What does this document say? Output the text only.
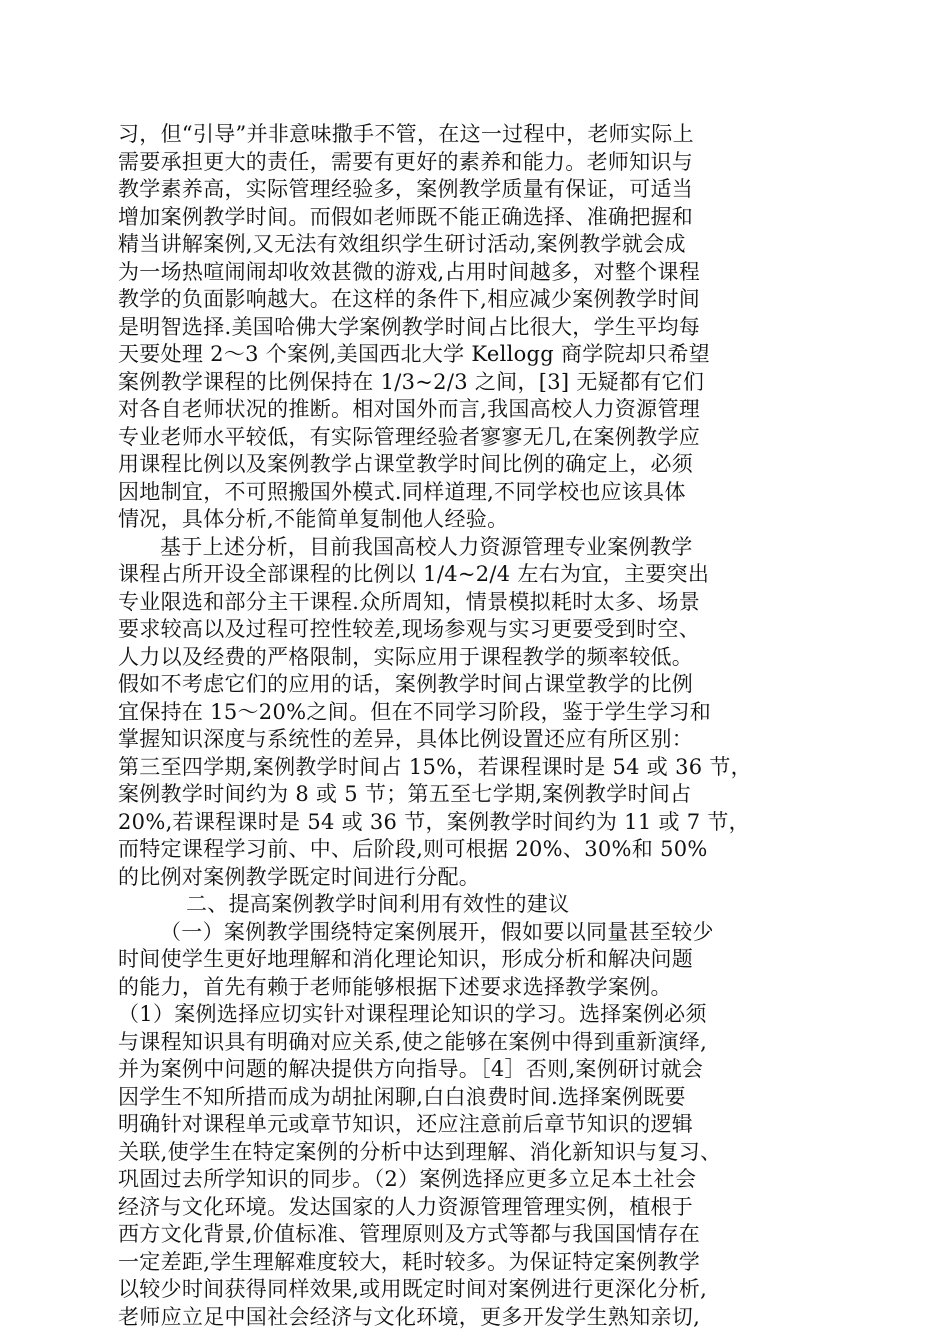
习，但“引导”并非意味撒手不管，在这一过程中，老师实际上
需要承担更大的责任，需要有更好的素养和能力。老师知识与
教学素养高，实际管理经验多，案例教学质量有保证，可适当
增加案例教学时间。而假如老师既不能正确选择、准确把握和
精当讲解案例,又无法有效组织学生研讨活动,案例教学就会成
为一场热喧闹闹却收效甚微的游戏,占用时间越多，对整个课程
教学的负面影响越大。在这样的条件下,相应减少案例教学时间
是明智选择.美国哈佛大学案例教学时间占比很大，学生平均每
天要处理 2～3 个案例,美国西北大学 Kellogg 商学院却只希望
案例教学课程的比例保持在 1/3~2/3 之间，[3] 无疑都有它们
对各自老师状况的推断。相对国外而言,我国高校人力资源管理
专业老师水平较低，有实际管理经验者寥寥无几,在案例教学应
用课程比例以及案例教学占课堂教学时间比例的确定上，必须
因地制宜，不可照搬国外模式.同样道理,不同学校也应该具体
情况，具体分析,不能简单复制他人经验。
基于上述分析，目前我国高校人力资源管理专业案例教学
课程占所开设全部课程的比例以 1/4~2/4 左右为宜，主要突出
专业限选和部分主干课程.众所周知，情景模拟耗时太多、场景
要求较高以及过程可控性较差,现场参观与实习更要受到时空、
人力以及经费的严格限制，实际应用于课程教学的频率较低。
假如不考虑它们的应用的话，案例教学时间占课堂教学的比例
宜保持在 15～20%之间。但在不同学习阶段，鉴于学生学习和
掌握知识深度与系统性的差异，具体比例设置还应有所区别：
第三至四学期,案例教学时间占 15%，若课程课时是 54 或 36 节，
案例教学时间约为 8 或 5 节；第五至七学期,案例教学时间占
20%,若课程课时是 54 或 36 节，案例教学时间约为 11 或 7 节，
而特定课程学习前、中、后阶段,则可根据 20%、30%和 50%
的比例对案例教学既定时间进行分配。
二、提高案例教学时间利用有效性的建议
（一）案例教学围绕特定案例展开，假如要以同量甚至较少
时间使学生更好地理解和消化理论知识，形成分析和解决问题
的能力，首先有赖于老师能够根据下述要求选择教学案例。
（1）案例选择应切实针对课程理论知识的学习。选择案例必须
与课程知识具有明确对应关系,使之能够在案例中得到重新演绎,
并为案例中问题的解决提供方向指导。［4］否则,案例研讨就会
因学生不知所措而成为胡扯闲聊,白白浪费时间.选择案例既要
明确针对课程单元或章节知识，还应注意前后章节知识的逻辑
关联,使学生在特定案例的分析中达到理解、消化新知识与复习、
巩固过去所学知识的同步。（2）案例选择应更多立足本土社会
经济与文化环境。发达国家的人力资源管理管理实例，植根于
西方文化背景,价值标准、管理原则及方式等都与我国国情存在
一定差距,学生理解难度较大，耗时较多。为保证特定案例教学
以较少时间获得同样效果,或用既定时间对案例进行更深化分析,
老师应立足中国社会经济与文化环境，更多开发学生熟知亲切,
